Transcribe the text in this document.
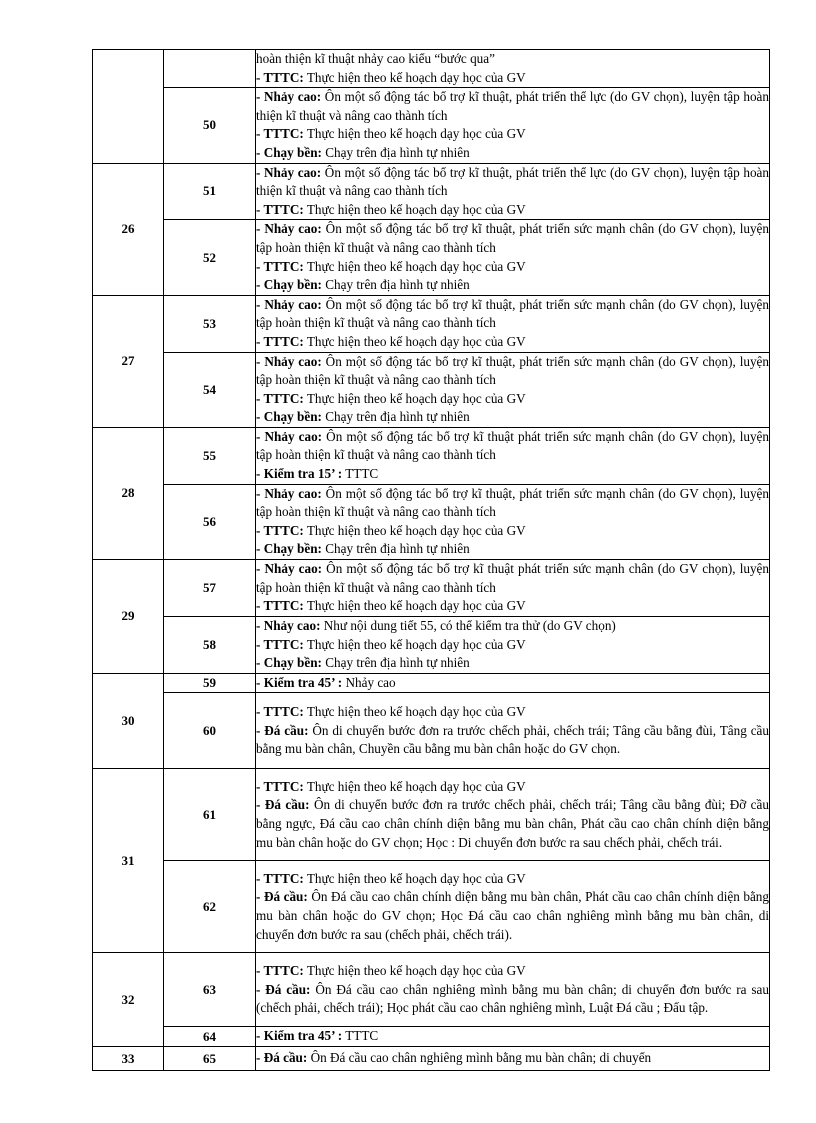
		hoàn thiện kĩ thuật nhảy cao kiểu “bước qua”
- TTTC: Thực hiện theo kế hoạch dạy học của GV

	50	- Nhảy cao: Ôn một số động tác bổ trợ kĩ thuật, phát triển thể lực (do GV chọn), luyện tập hoàn thiện kĩ thuật và nâng cao thành tích
- TTTC: Thực hiện theo kế hoạch dạy học của GV
- Chạy bền: Chạy trên địa hình tự nhiên

26	51	- Nhảy cao: Ôn một số động tác bổ trợ kĩ thuật, phát triển thể lực (do GV chọn), luyện tập hoàn thiện kĩ thuật và nâng cao thành tích
- TTTC: Thực hiện theo kế hoạch dạy học của GV

	52	- Nhảy cao: Ôn một số động tác bổ trợ kĩ thuật, phát triển sức mạnh chân (do GV chọn), luyện tập hoàn thiện kĩ thuật và nâng cao thành tích
- TTTC: Thực hiện theo kế hoạch dạy học của GV
- Chạy bền: Chạy trên địa hình tự nhiên

27	53	- Nhảy cao: Ôn một số động tác bổ trợ kĩ thuật, phát triển sức mạnh chân (do GV chọn), luyện tập hoàn thiện kĩ thuật và nâng cao thành tích
- TTTC: Thực hiện theo kế hoạch dạy học của GV

	54	- Nhảy cao: Ôn một số động tác bổ trợ kĩ thuật, phát triển sức mạnh chân (do GV chọn), luyện tập hoàn thiện kĩ thuật và nâng cao thành tích
- TTTC: Thực hiện theo kế hoạch dạy học của GV
- Chạy bền: Chạy trên địa hình tự nhiên

28	55	- Nhảy cao: Ôn một số động tác bổ trợ kĩ thuật phát triển sức mạnh chân (do GV chọn), luyện tập hoàn thiện kĩ thuật và nâng cao thành tích
- Kiểm tra 15’ : TTTC

	56	- Nhảy cao: Ôn một số động tác bổ trợ kĩ thuật, phát triển sức mạnh chân (do GV chọn), luyện tập hoàn thiện kĩ thuật và nâng cao thành tích
- TTTC: Thực hiện theo kế hoạch dạy học của GV
- Chạy bền: Chạy trên địa hình tự nhiên

29	57	- Nhảy cao: Ôn một số động tác bổ trợ kĩ thuật phát triển sức mạnh chân (do GV chọn), luyện tập hoàn thiện kĩ thuật và nâng cao thành tích
- TTTC: Thực hiện theo kế hoạch dạy học của GV

	58	- Nhảy cao: Như nội dung tiết 55, có thể kiểm tra thử (do GV chọn)
- TTTC: Thực hiện theo kế hoạch dạy học của GV
- Chạy bền: Chạy trên địa hình tự nhiên

30	59	- Kiểm tra 45’ : Nhảy cao

	60	- TTTC: Thực hiện theo kế hoạch dạy học của GV
- Đá cầu: Ôn di chuyển bước đơn ra trước chếch phải, chếch trái; Tâng cầu bằng đùi, Tâng cầu bằng mu bàn chân, Chuyền cầu bằng mu bàn chân hoặc do GV chọn.

31	61	- TTTC: Thực hiện theo kế hoạch dạy học của GV
- Đá cầu: Ôn di chuyển bước đơn ra trước chếch phải, chếch trái; Tâng cầu bằng đùi; Đỡ cầu bằng ngực, Đá cầu cao chân chính diện bằng mu bàn chân, Phát cầu cao chân chính diện bằng mu bàn chân hoặc do GV chọn; Học : Di chuyển đơn bước ra sau chếch phải, chếch trái.

	62	- TTTC: Thực hiện theo kế hoạch dạy học của GV
- Đá cầu: Ôn Đá cầu cao chân chính diện bằng mu bàn chân, Phát cầu cao chân chính diện bằng mu bàn chân hoặc do GV chọn; Học Đá cầu cao chân nghiêng mình bằng mu bàn chân, di chuyển đơn bước ra sau (chếch phải, chếch trái).

32	63	- TTTC: Thực hiện theo kế hoạch dạy học của GV
- Đá cầu: Ôn Đá cầu cao chân nghiêng mình bằng mu bàn chân; di chuyển đơn bước ra sau (chếch phải, chếch trái); Học phát cầu cao chân nghiêng mình, Luật Đá cầu ; Đấu tập.

	64	- Kiểm tra 45’ : TTTC

33	65	- Đá cầu: Ôn Đá cầu cao chân nghiêng mình bằng mu bàn chân; di chuyển
